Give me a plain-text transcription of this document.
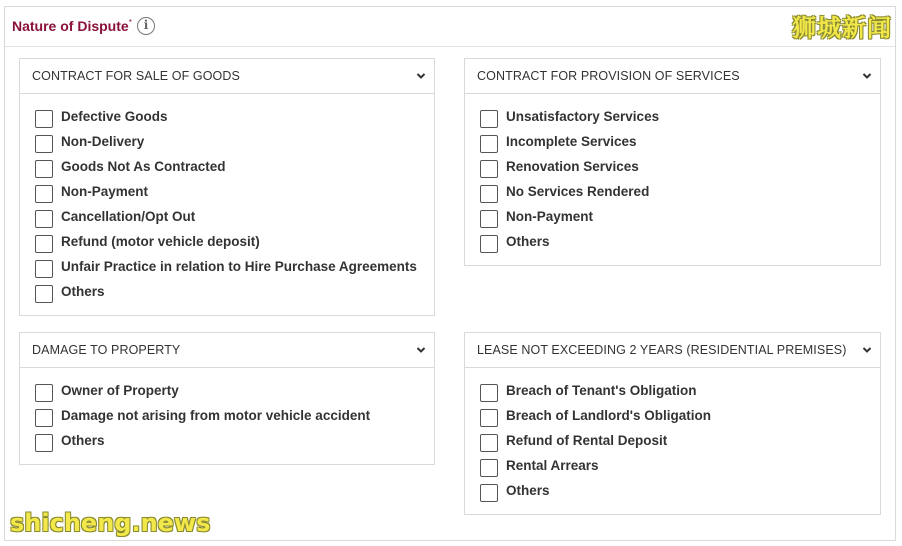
Nature of Dispute* i
CONTRACT FOR SALE OF GOODS
Defective Goods
Non-Delivery
Goods Not As Contracted
Non-Payment
Cancellation/Opt Out
Refund (motor vehicle deposit)
Unfair Practice in relation to Hire Purchase Agreements
Others
CONTRACT FOR PROVISION OF SERVICES
Unsatisfactory Services
Incomplete Services
Renovation Services
No Services Rendered
Non-Payment
Others
DAMAGE TO PROPERTY
Owner of Property
Damage not arising from motor vehicle accident
Others
LEASE NOT EXCEEDING 2 YEARS (RESIDENTIAL PREMISES)
Breach of Tenant's Obligation
Breach of Landlord's Obligation
Refund of Rental Deposit
Rental Arrears
Others
狮城新闻
shicheng.news
